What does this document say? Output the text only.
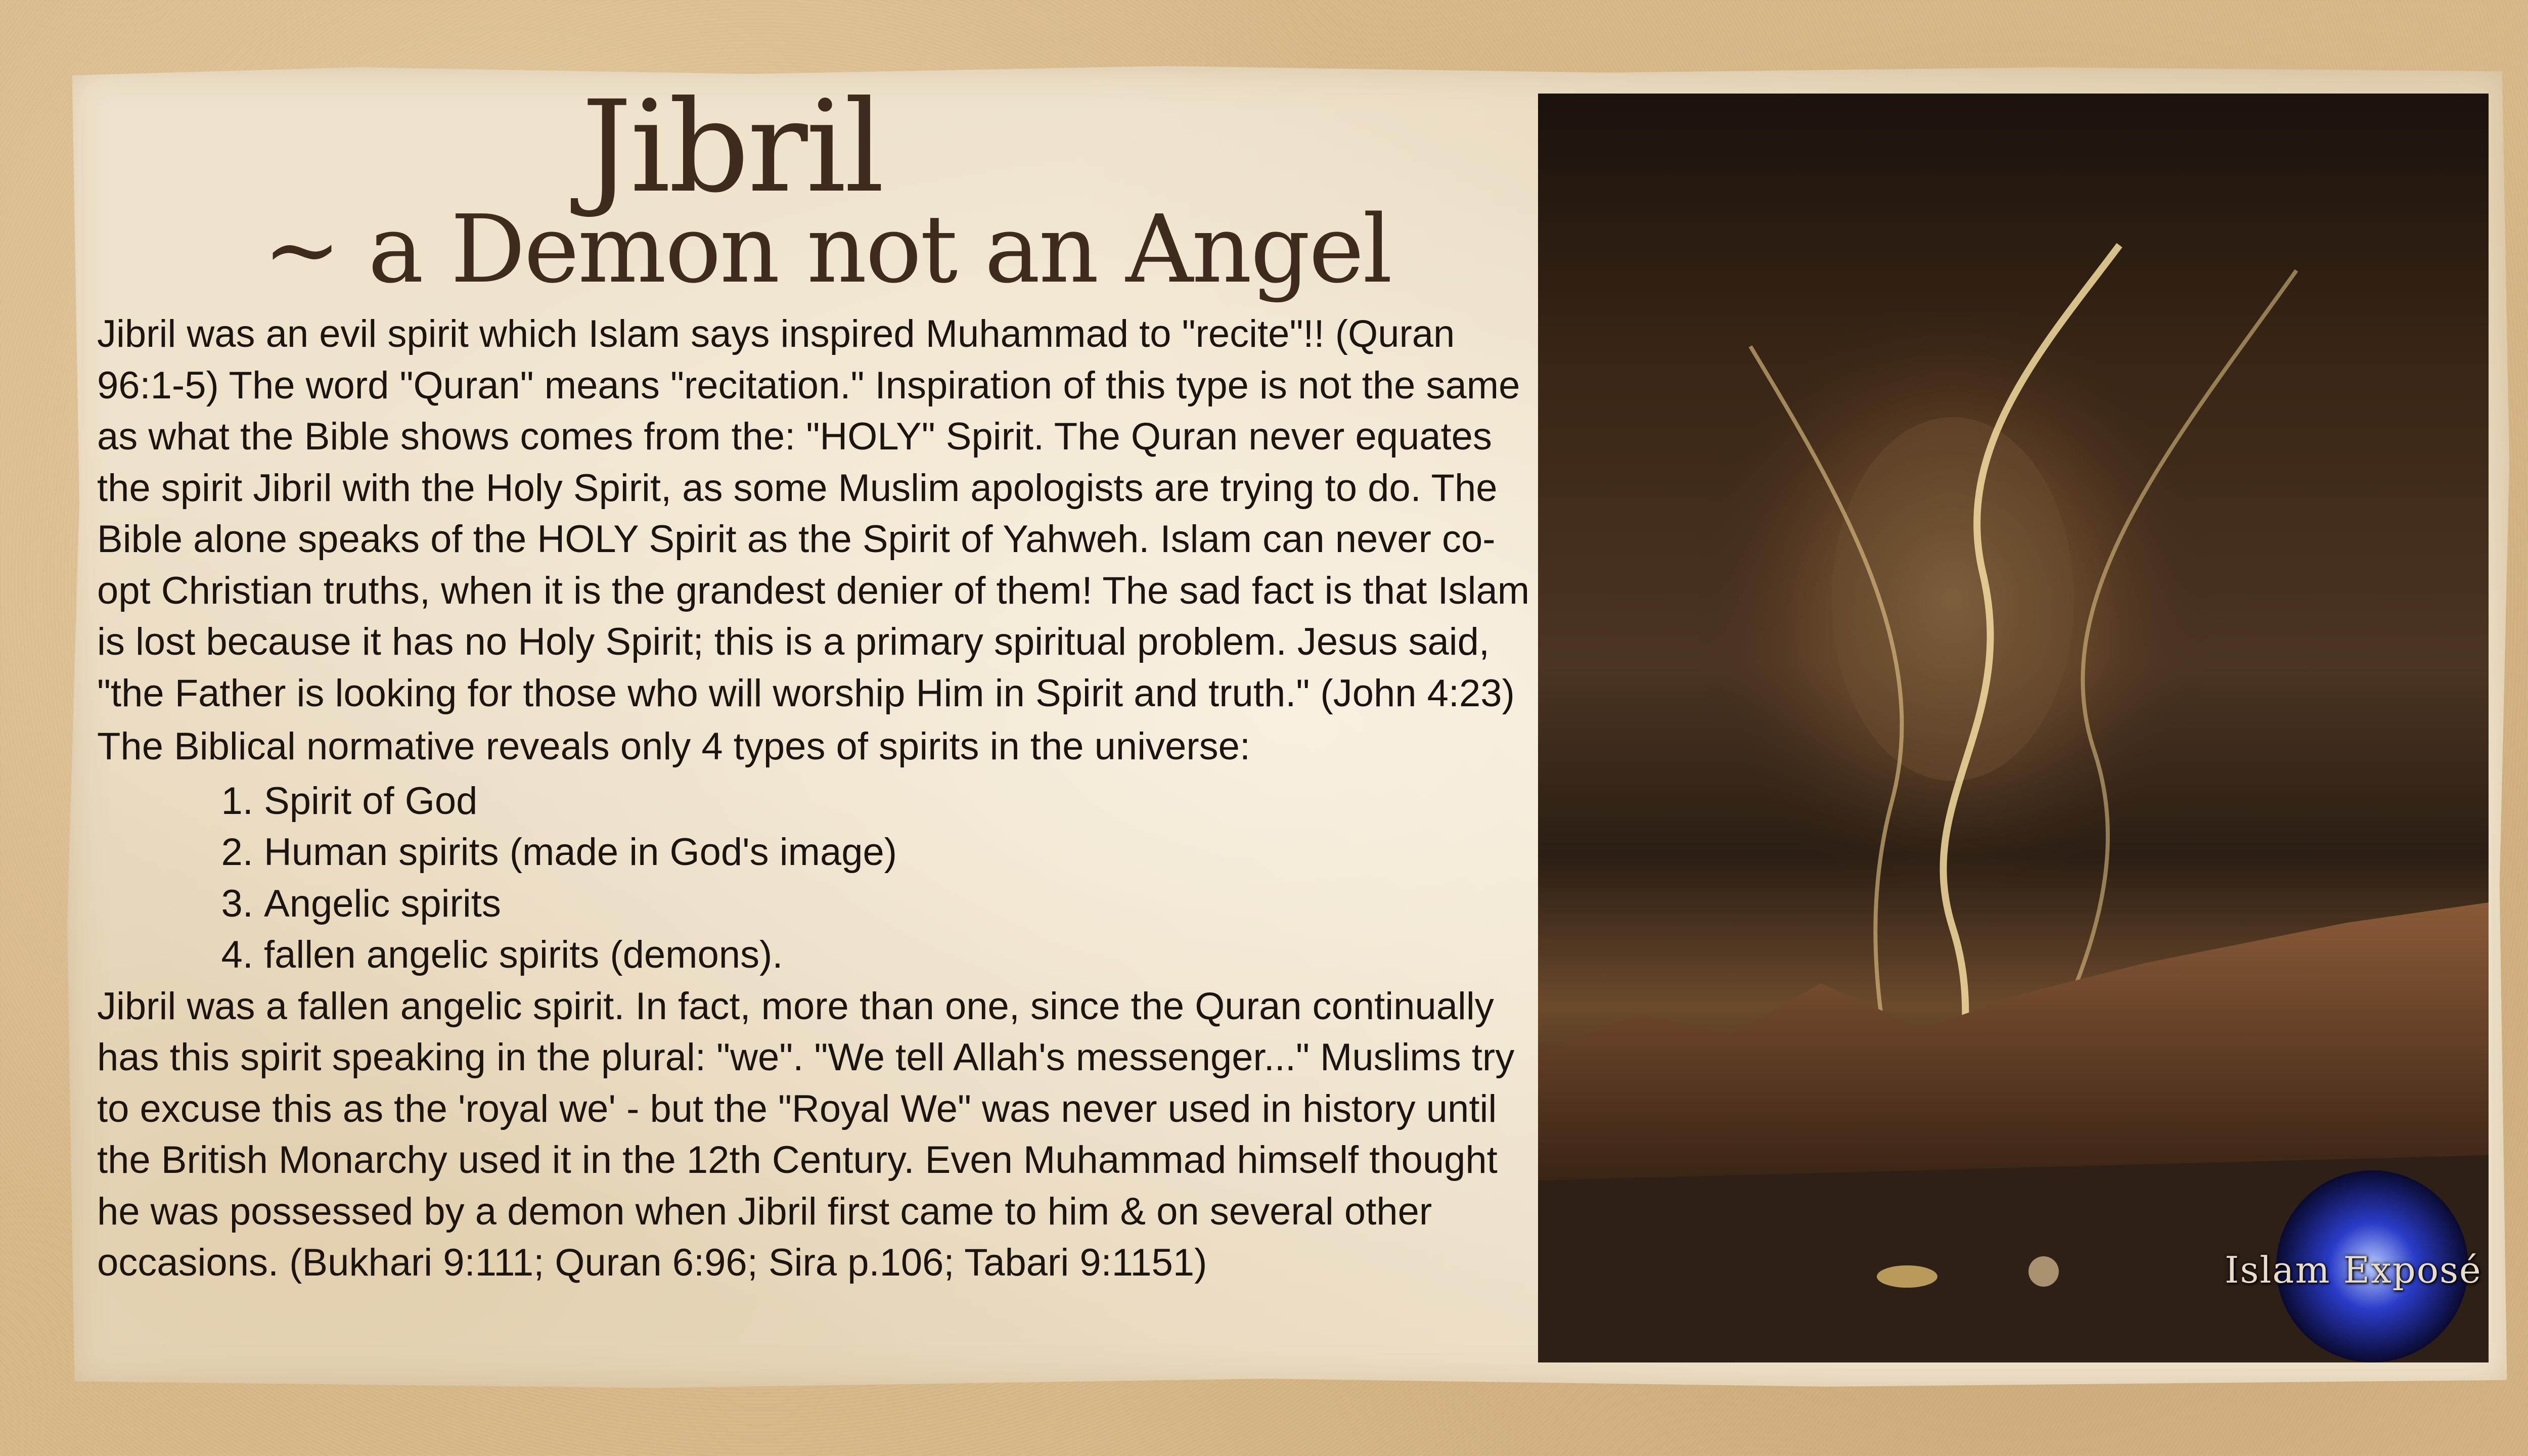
Jibril
~ a Demon not an Angel

Jibril was an evil spirit which Islam says inspired Muhammad to "recite"!! (Quran 96:1-5) The word "Quran" means "recitation." Inspiration of this type is not the same as what the Bible shows comes from the: "HOLY" Spirit. The Quran never equates the spirit Jibril with the Holy Spirit, as some Muslim apologists are trying to do. The Bible alone speaks of the HOLY Spirit as the Spirit of Yahweh. Islam can never co-opt Christian truths, when it is the grandest denier of them! The sad fact is that Islam is lost because it has no Holy Spirit; this is a primary spiritual problem. Jesus said, "the Father is looking for those who will worship Him in Spirit and truth." (John 4:23)

The Biblical normative reveals only 4 types of spirits in the universe:

1. Spirit of God
2. Human spirits (made in God's image)
3. Angelic spirits
4. fallen angelic spirits (demons).

Jibril was a fallen angelic spirit. In fact, more than one, since the Quran continually has this spirit speaking in the plural: "we". "We tell Allah's messenger..." Muslims try to excuse this as the 'royal we' - but the "Royal We" was never used in history until the British Monarchy used it in the 12th Century. Even Muhammad himself thought he was possessed by a demon when Jibril first came to him & on several other occasions. (Bukhari 9:111; Quran 6:96; Sira p.106; Tabari 9:1151)	Islam Exposé
